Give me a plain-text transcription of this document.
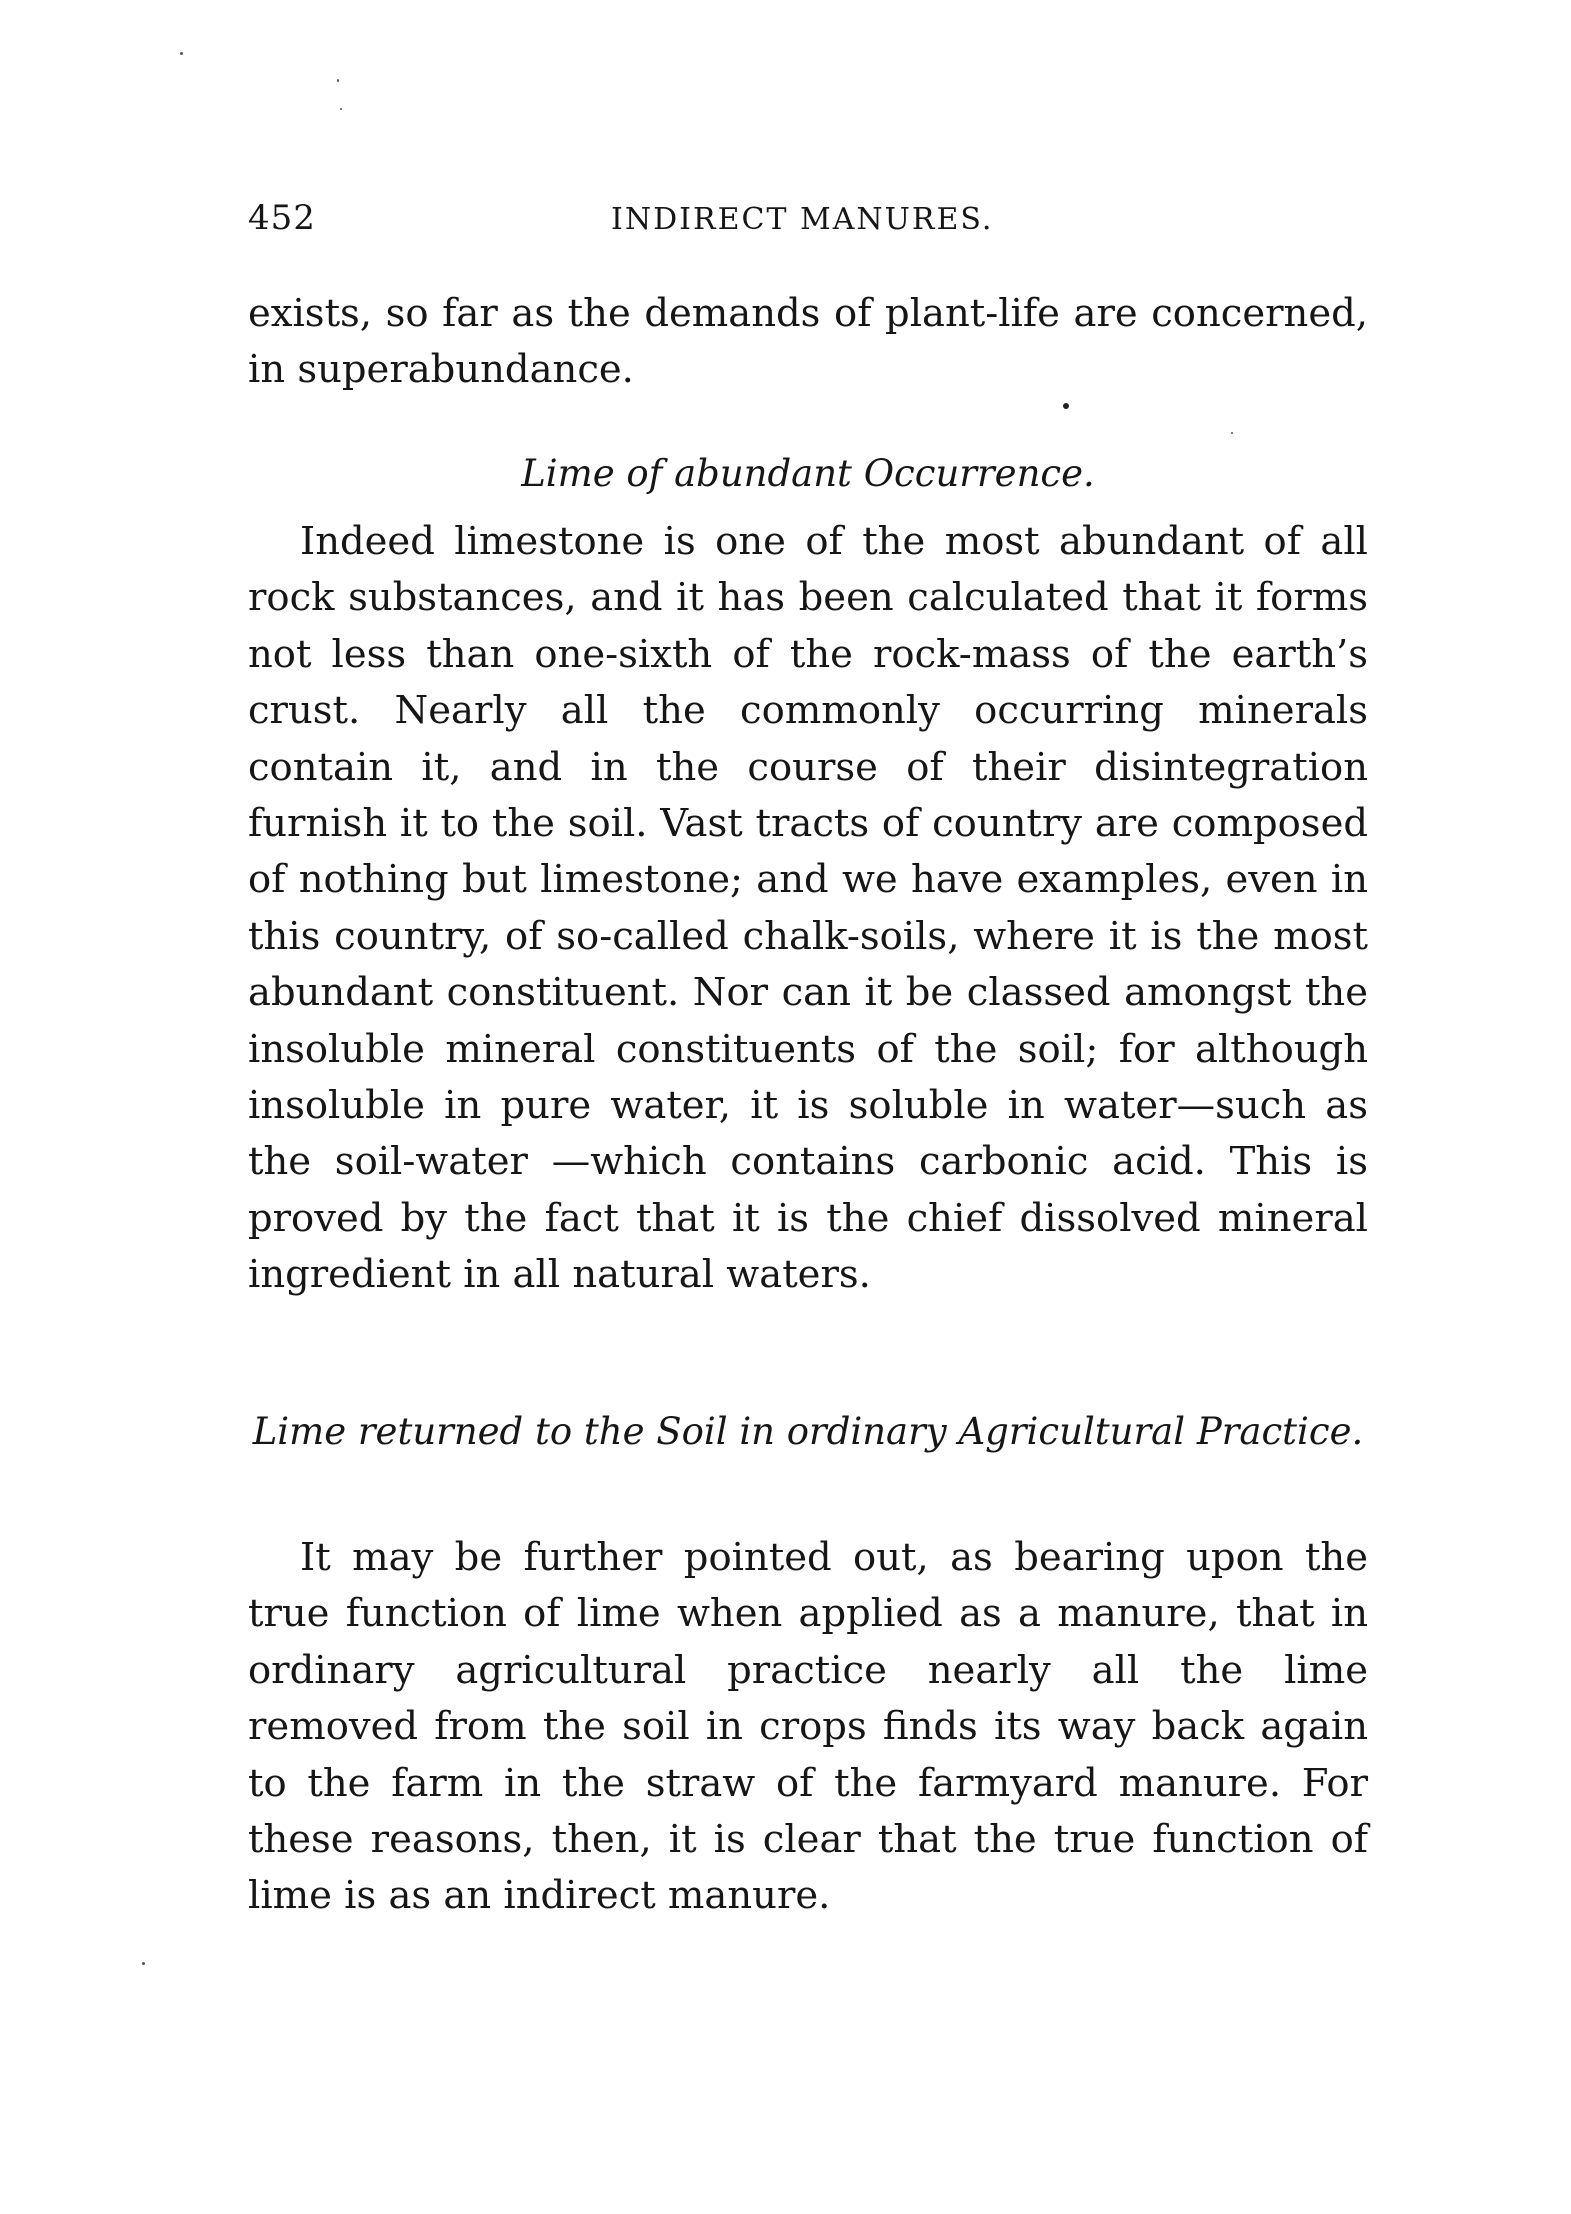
452	INDIRECT MANURES.

exists, so far as the demands of plant-life are concerned, in superabundance.

Lime of abundant Occurrence.

Indeed limestone is one of the most abundant of all rock substances, and it has been calculated that it forms not less than one-sixth of the rock-mass of the earth’s crust. Nearly all the commonly occurring minerals contain it, and in the course of their disintegration furnish it to the soil. Vast tracts of country are composed of nothing but limestone; and we have examples, even in this country, of so-called chalk-soils, where it is the most abundant constituent. Nor can it be classed amongst the insoluble mineral constituents of the soil; for although insoluble in pure water, it is soluble in water—such as the soil-water —which contains carbonic acid. This is proved by the fact that it is the chief dissolved mineral ingredient in all natural waters.

Lime returned to the Soil in ordinary Agricultural Practice.

It may be further pointed out, as bearing upon the true function of lime when applied as a manure, that in ordinary agricultural practice nearly all the lime removed from the soil in crops finds its way back again to the farm in the straw of the farmyard manure. For these reasons, then, it is clear that the true function of lime is as an indirect manure.
